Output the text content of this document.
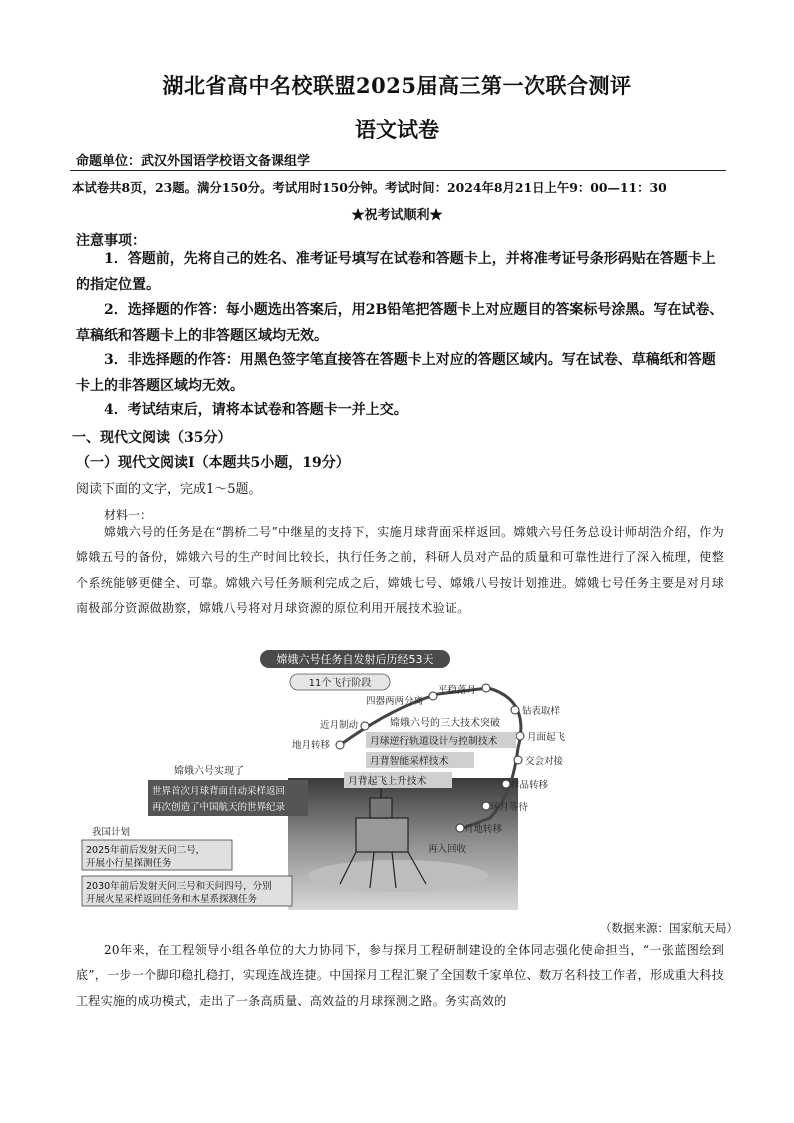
湖北省高中名校联盟2025届高三第一次联合测评
语文试卷
命题单位：武汉外国语学校语文备课组学
本试卷共8页，23题。满分150分。考试用时150分钟。考试时间：2024年8月21日上午9：00—11：30
★祝考试顺利★
注意事项：
1．答题前，先将自己的姓名、准考证号填写在试卷和答题卡上，并将准考证号条形码贴在答题卡上的指定位置。
2．选择题的作答：每小题选出答案后，用2B铅笔把答题卡上对应题目的答案标号涂黑。写在试卷、草稿纸和答题卡上的非答题区域均无效。
3．非选择题的作答：用黑色签字笔直接答在答题卡上对应的答题区域内。写在试卷、草稿纸和答题卡上的非答题区域均无效。
4．考试结束后，请将本试卷和答题卡一并上交。
一、现代文阅读（35分）
（一）现代文阅读Ⅰ（本题共5小题，19分）
阅读下面的文字，完成1～5题。
材料一：
嫦娥六号的任务是在“鹊桥二号”中继星的支持下，实施月球背面采样返回。嫦娥六号任务总设计师胡浩介绍，作为嫦娥五号的备份，嫦娥六号的生产时间比较长，执行任务之前，科研人员对产品的质量和可靠性进行了深入梳理，使整个系统能够更健全、可靠。嫦娥六号任务顺利完成之后，嫦娥七号、嫦娥八号按计划推进。嫦娥七号任务主要是对月球南极部分资源做勘察，嫦娥八号将对月球资源的原位利用开展技术验证。
嫦娥六号任务自发射后历经53天
11个飞行阶段
地月转移
近月制动
四器两两分离
平稳落月
钻表取样
月面起飞
交会对接
样品转移
环月等待
月地转移
再入回收
嫦娥六号的三大技术突破
月球逆行轨道设计与控制技术
月背智能采样技术
月背起飞上升技术
嫦娥六号实现了
世界首次月球背面自动采样返回
再次创造了中国航天的世界纪录
我国计划
2025年前后发射天问二号，
开展小行星探测任务
2030年前后发射天问三号和天问四号，分别
开展火星采样返回任务和木星系探测任务
（数据来源：国家航天局）
20年来，在工程领导小组各单位的大力协同下，参与探月工程研制建设的全体同志强化使命担当，“一张蓝图绘到底”，一步一个脚印稳扎稳打，实现连战连捷。中国探月工程汇聚了全国数千家单位、数万名科技工作者，形成重大科技工程实施的成功模式，走出了一条高质量、高效益的月球探测之路。务实高效的
